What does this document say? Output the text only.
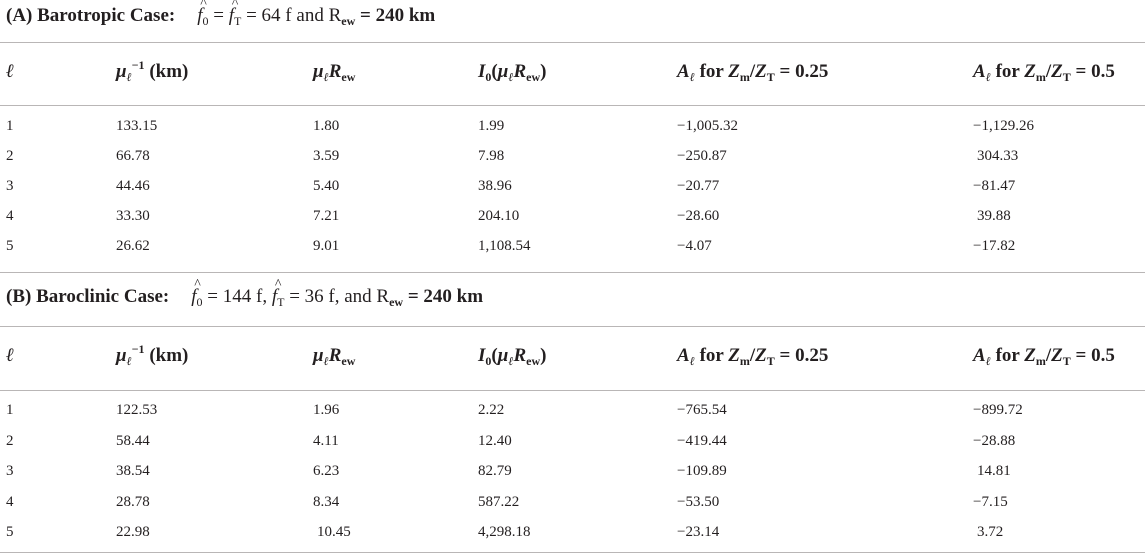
(A) Barotropic Case: ^ $f_0$ = ^ $f_T = 64$ f and $R_{ew} = 240$ km
ℓ	$\mu_\ell^{-1}$ (km)	$\mu_\ell R_{ew}$	$I_0(\mu_\ell R_{ew})$	$A_\ell$ for $Z_m/Z_T = 0.25$	$A_\ell$ for $Z_m/Z_T = 0.5$
1	133.15	1.80	1.99	−1,005.32	−1,129.26
2	66.78	3.59	7.98	−250.87	304.33
3	44.46	5.40	38.96	−20.77	−81.47
4	33.30	7.21	204.10	−28.60	39.88
5	26.62	9.01	1,108.54	−4.07	−17.82
(B) Baroclinic Case: ^ $f_0 = 144$ f, ^ $f_T = 36$ f, and $R_{ew} = 240$ km
ℓ	$\mu_\ell^{-1}$ (km)	$\mu_\ell R_{ew}$	$I_0(\mu_\ell R_{ew})$	$A_\ell$ for $Z_m/Z_T = 0.25$	$A_\ell$ for $Z_m/Z_T = 0.5$
1	122.53	1.96	2.22	−765.54	−899.72
2	58.44	4.11	12.40	−419.44	−28.88
3	38.54	6.23	82.79	−109.89	14.81
4	28.78	8.34	587.22	−53.50	−7.15
5	22.98	10.45	4,298.18	−23.14	3.72
